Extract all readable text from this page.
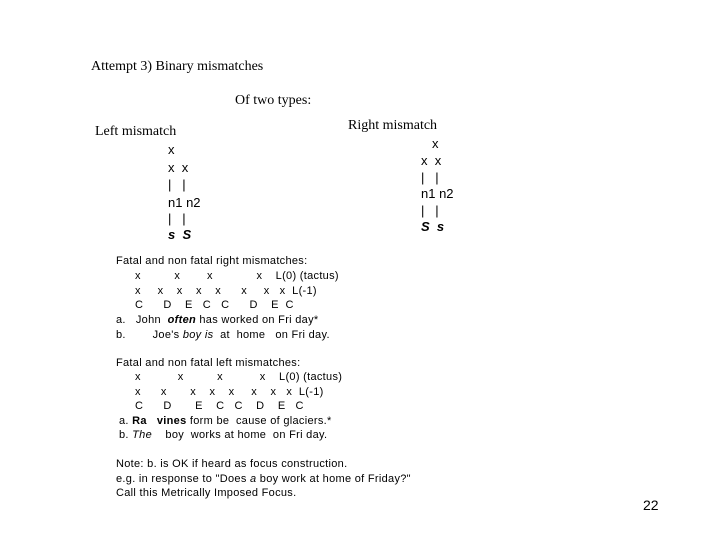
Attempt 3) Binary mismatches
Of two types:
Left mismatch
x
x  x
|   |
n1 n2
|   |
s  S
Right mismatch
x
x  x
|   |
n1 n2
|   |
S  s
Fatal and non fatal right mismatches:
x          x        x             x    L(0) (tactus)
x     x    x    x    x      x     x   x  L(-1)
C      D    E   C   C      D    E  C
a.   John  often has worked on Fri day*
b.        Joe's boy is  at  home   on Fri day.
Fatal and non fatal left mismatches:
x           x          x           x    L(0) (tactus)
x      x       x    x    x     x    x   x  L(-1)
C      D       E    C   C    D    E   C
a. Ra vines form be  cause of glaciers.*
b. The    boy  works at home  on Fri day.
Note: b. is OK if heard as focus construction.
e.g. in response to "Does a boy work at home of Friday?"
Call this Metrically Imposed Focus.
22
